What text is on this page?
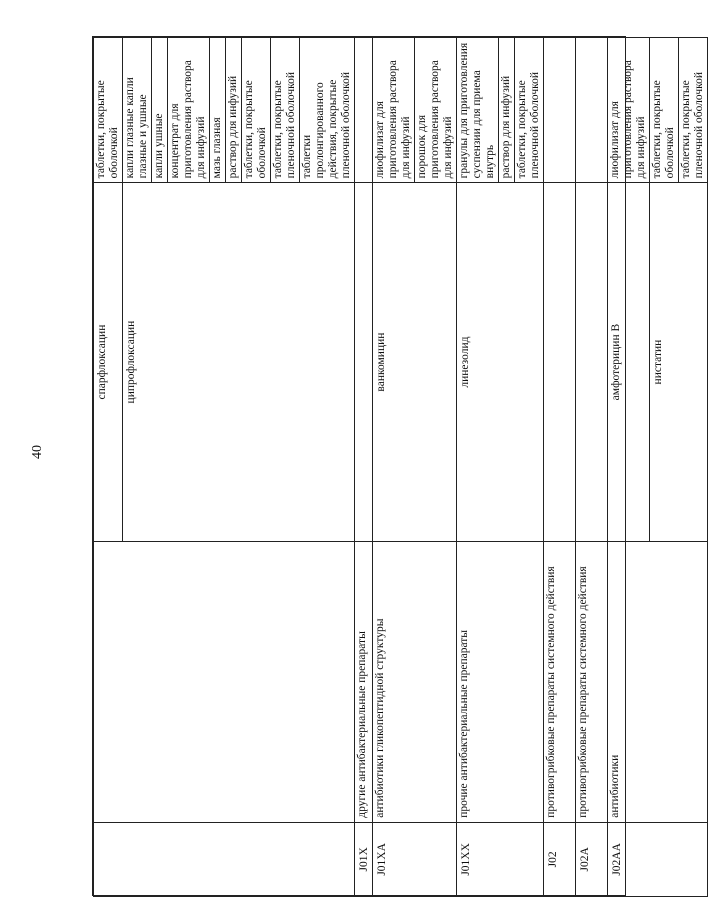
40
		спарфлоксацин	таблетки, покрытые оболочкой
		ципрофлоксацин	капли глазные капли глазные и ушные
			капли ушные
			концентрат для приготовления раствора для инфузий
			мазь глазная
			раствор для инфузий
			таблетки, покрытые оболочкой
			таблетки, покрытые пленочной оболочкой
			таблетки пролонгированного действия, покрытые пленочной оболочкой
J01X	другие антибактериальные препараты		
J01XA	антибиотики гликопептидной структуры	ванкомицин	лиофилизат для приготовления раствора для инфузий
			порошок для приготовления раствора для инфузий
J01XX	прочие антибактериальные препараты	линезолид	гранулы для приготовления суспензии для приема внутрь
			раствор для инфузий
			таблетки, покрытые пленочной оболочкой
J02	противогрибковые препараты системного действия		
J02A	противогрибковые препараты системного действия		
J02AA	антибиотики	амфотерицин B	лиофилизат для приготовления раствора для инфузий
		нистатин	таблетки, покрытые оболочкой
			таблетки, покрытые пленочной оболочкой
